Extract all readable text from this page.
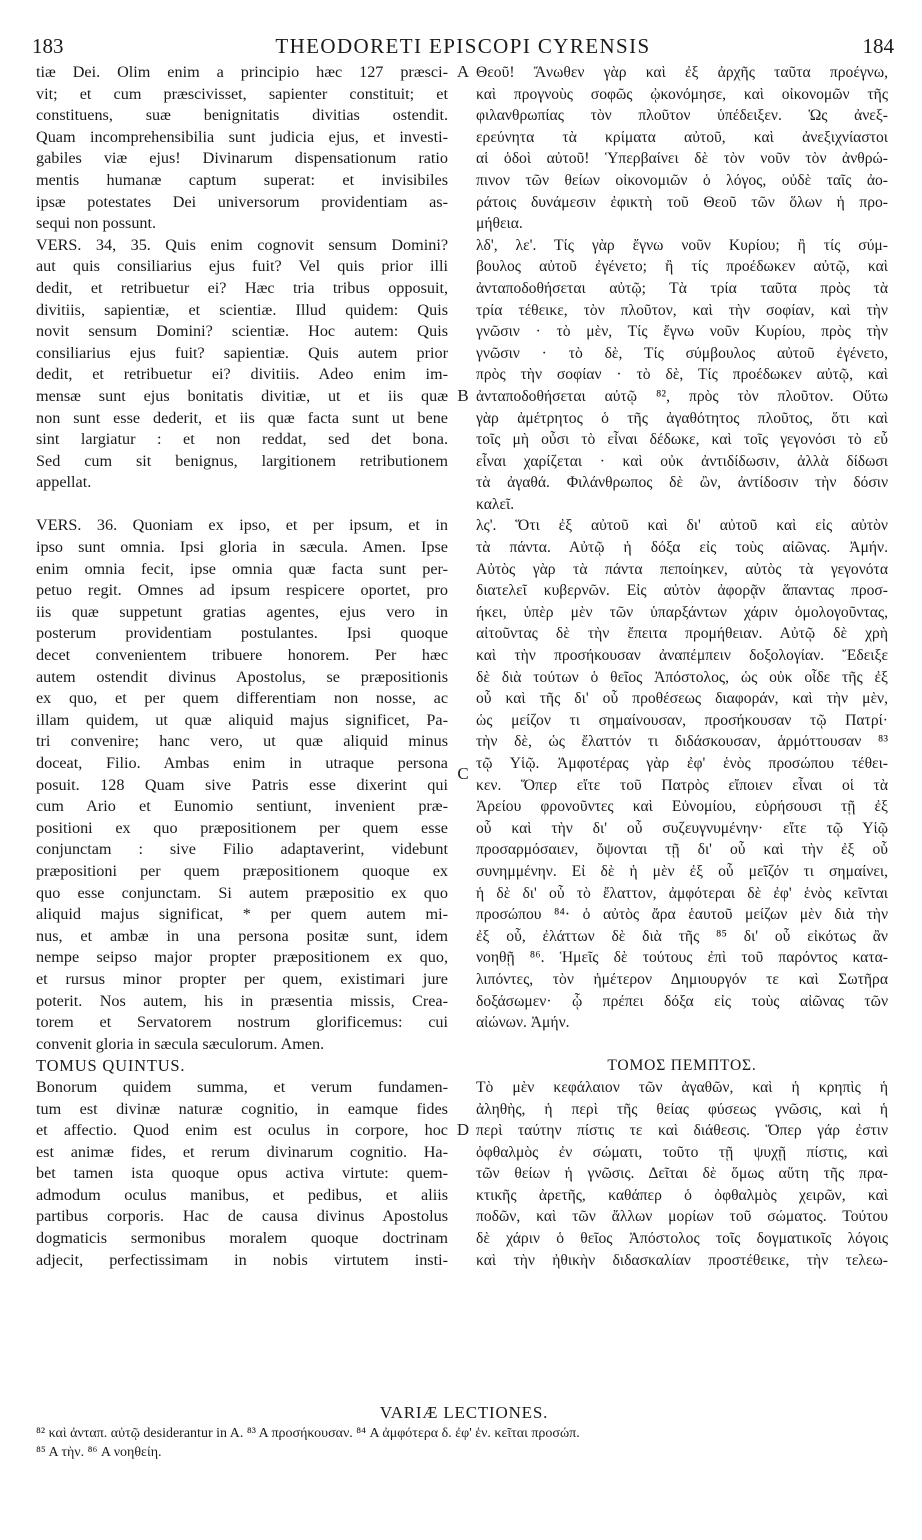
183	THEODORETI EPISCOPI CYRENSIS	184
tiæ Dei. Olim enim a principio hæc 127 præsci-
vit; et cum præscivisset, sapienter constituit; et
constituens, suæ benignitatis divitias ostendit.
Quam incomprehensibilia sunt judicia ejus, et investi-
gabiles viæ ejus! Divinarum dispensationum ratio
mentis humanæ captum superat: et invisibiles
ipsæ potestates Dei universorum providentiam as-
sequi non possunt.
VERS. 34, 35. Quis enim cognovit sensum Domini?
aut quis consiliarius ejus fuit? Vel quis prior illi
dedit, et retribuetur ei? Hæc tria tribus opposuit,
divitiis, sapientiæ, et scientiæ. Illud quidem: Quis
novit sensum Domini? scientiæ. Hoc autem: Quis
consiliarius ejus fuit? sapientiæ. Quis autem prior
dedit, et retribuetur ei? divitiis. Adeo enim im-
mensæ sunt ejus bonitatis divitiæ, ut et iis quæ
non sunt esse dederit, et iis quæ facta sunt ut bene
sint largiatur : et non reddat, sed det bona.
Sed cum sit benignus, largitionem retributionem
appellat.
VERS. 36. Quoniam ex ipso, et per ipsum, et in
ipso sunt omnia. Ipsi gloria in sæcula. Amen. Ipse
enim omnia fecit, ipse omnia quæ facta sunt per-
petuo regit. Omnes ad ipsum respicere oportet, pro
iis quæ suppetunt gratias agentes, ejus vero in
posterum providentiam postulantes. Ipsi quoque
decet convenientem tribuere honorem. Per hæc
autem ostendit divinus Apostolus, se præpositionis
ex quo, et per quem differentiam non nosse, ac
illam quidem, ut quæ aliquid majus significet, Pa-
tri convenire; hanc vero, ut quæ aliquid minus
doceat, Filio. Ambas enim in utraque persona
posuit. 128 Quam sive Patris esse dixerint qui
cum Ario et Eunomio sentiunt, invenient præ-
positioni ex quo præpositionem per quem esse
conjunctam : sive Filio adaptaverint, videbunt
præpositioni per quem præpositionem quoque ex
quo esse conjunctam. Si autem præpositio ex quo
aliquid majus significat, * per quem autem mi-
nus, et ambæ in una persona positæ sunt, idem
nempe seipso major propter præpositionem ex quo,
et rursus minor propter per quem, existimari jure
poterit. Nos autem, his in præsentia missis, Crea-
torem et Servatorem nostrum glorificemus: cui
convenit gloria in sæcula sæculorum. Amen.
TOMUS QUINTUS.
Bonorum quidem summa, et verum fundamen-
tum est divinæ naturæ cognitio, in eamque fides
et affectio. Quod enim est oculus in corpore, hoc
est animæ fides, et rerum divinarum cognitio. Ha-
bet tamen ista quoque opus activa virtute: quem-
admodum oculus manibus, et pedibus, et aliis
partibus corporis. Hac de causa divinus Apostolus
dogmaticis sermonibus moralem quoque doctrinam
adjecit, perfectissimam in nobis virtutem insti-
Θεοῦ! Ἄνωθεν γὰρ καὶ ἐξ ἀρχῆς ταῦτα προέγνω,
καὶ προγνοὺς σοφῶς ᾠκονόμησε, καὶ οἰκονομῶν τῆς
φιλανθρωπίας τὸν πλοῦτον ὑπέδειξεν. Ὡς ἀνεξ-
ερεύνητα τὰ κρίματα αὐτοῦ, καὶ ἀνεξιχνίαστοι
αἱ ὁδοὶ αὐτοῦ! Ὑπερβαίνει δὲ τὸν νοῦν τὸν ἀνθρώ-
πινον τῶν θείων οἰκονομιῶν ὁ λόγος, οὐδὲ ταῖς ἀο-
ράτοις δυνάμεσιν ἐφικτὴ τοῦ Θεοῦ τῶν ὅλων ἡ προ-
μήθεια.
λδ', λε'. Τίς γὰρ ἔγνω νοῦν Κυρίου; ἢ τίς σύμ-
βουλος αὐτοῦ ἐγένετο; ἢ τίς προέδωκεν αὐτῷ, καὶ
ἀνταποδοθήσεται αὐτῷ; Τὰ τρία ταῦτα πρὸς τὰ
τρία τέθεικε, τὸν πλοῦτον, καὶ τὴν σοφίαν, καὶ τὴν
γνῶσιν · τὸ μὲν, Τίς ἔγνω νοῦν Κυρίου, πρὸς τὴν
γνῶσιν · τὸ δὲ, Τίς σύμβουλος αὐτοῦ ἐγένετο,
πρὸς τὴν σοφίαν · τὸ δὲ, Τίς προέδωκεν αὐτῷ, καὶ
ἀνταποδοθήσεται αὐτῷ ⁸², πρὸς τὸν πλοῦτον. Οὕτω
γὰρ ἀμέτρητος ὁ τῆς ἀγαθότητος πλοῦτος, ὅτι καὶ
τοῖς μὴ οὖσι τὸ εἶναι δέδωκε, καὶ τοῖς γεγονόσι τὸ εὖ
εἶναι χαρίζεται · καὶ οὐκ ἀντιδίδωσιν, ἀλλὰ δίδωσι
τὰ ἀγαθά. Φιλάνθρωπος δὲ ὢν, ἀντίδοσιν τὴν δόσιν
καλεῖ.
λς'. Ὅτι ἐξ αὐτοῦ καὶ δι' αὐτοῦ καὶ εἰς αὐτὸν
τὰ πάντα. Αὐτῷ ἡ δόξα εἰς τοὺς αἰῶνας. Ἀμήν.
Αὐτὸς γὰρ τὰ πάντα πεποίηκεν, αὐτὸς τὰ γεγονότα
διατελεῖ κυβερνῶν. Εἰς αὐτὸν ἀφορᾷν ἅπαντας προσ-
ήκει, ὑπὲρ μὲν τῶν ὑπαρξάντων χάριν ὁμολογοῦντας,
αἰτοῦντας δὲ τὴν ἔπειτα προμήθειαν. Αὐτῷ δὲ χρὴ
καὶ τὴν προσήκουσαν ἀναπέμπειν δοξολογίαν. Ἔδειξε
δὲ διὰ τούτων ὁ θεῖος Ἀπόστολος, ὡς οὐκ οἶδε τῆς ἐξ
οὗ καὶ τῆς δι' οὗ προθέσεως διαφοράν, καὶ τὴν μὲν,
ὡς μείζον τι σημαίνουσαν, προσήκουσαν τῷ Πατρί·
τὴν δὲ, ὡς ἔλαττόν τι διδάσκουσαν, ἁρμόττουσαν ⁸³
τῷ Υἱῷ. Ἀμφοτέρας γὰρ ἐφ' ἑνὸς προσώπου τέθει-
κεν. Ὅπερ εἴτε τοῦ Πατρὸς εἴποιεν εἶναι οἱ τὰ
Ἀρείου φρονοῦντες καὶ Εὐνομίου, εὑρήσουσι τῇ ἐξ
οὗ καὶ τὴν δι' οὗ συζευγνυμένην· εἴτε τῷ Υἱῷ
προσαρμόσαιεν, ὄψονται τῇ δι' οὗ καὶ τὴν ἐξ οὗ
συνημμένην. Εἰ δὲ ἡ μὲν ἐξ οὗ μεῖζόν τι σημαίνει,
ἡ δὲ δι' οὗ τὸ ἔλαττον, ἀμφότεραι δὲ ἐφ' ἑνὸς κεῖνται
προσώπου ⁸⁴· ὁ αὐτὸς ἄρα ἑαυτοῦ μείζων μὲν διὰ τὴν
ἐξ οὗ, ἐλάττων δὲ διὰ τῆς ⁸⁵ δι' οὗ εἰκότως ἂν
νοηθῇ ⁸⁶. Ἡμεῖς δὲ τούτους ἐπὶ τοῦ παρόντος κατα-
λιπόντες, τὸν ἡμέτερον Δημιουργόν τε καὶ Σωτῆρα
δοξάσωμεν· ᾧ πρέπει δόξα εἰς τοὺς αἰῶνας τῶν
αἰώνων. Ἀμήν.
ΤΟΜΟΣ ΠΕΜΠΤΟΣ.
Τὸ μὲν κεφάλαιον τῶν ἀγαθῶν, καὶ ἡ κρηπὶς ἡ
ἀληθὴς, ἡ περὶ τῆς θείας φύσεως γνῶσις, καὶ ἡ
περὶ ταύτην πίστις τε καὶ διάθεσις. Ὅπερ γάρ ἐστιν
ὀφθαλμὸς ἐν σώματι, τοῦτο τῇ ψυχῇ πίστις, καὶ
τῶν θείων ἡ γνῶσις. Δεῖται δὲ ὅμως αὕτη τῆς πρα-
κτικῆς ἀρετῆς, καθάπερ ὁ ὀφθαλμὸς χειρῶν, καὶ
ποδῶν, καὶ τῶν ἄλλων μορίων τοῦ σώματος. Τούτου
δὲ χάριν ὁ θεῖος Ἀπόστολος τοῖς δογματικοῖς λόγοις
καὶ τὴν ἠθικὴν διδασκαλίαν προστέθεικε, τὴν τελεω-
A
B
C
D
VARIÆ LECTIONES.
⁸² καὶ ἀνταπ. αὐτῷ desiderantur in A. ⁸³ A προσήκουσαν. ⁸⁴ A ἀμφότερα δ. ἐφ' ἑν. κεῖται προσώπ.
⁸⁵ A τὴν. ⁸⁶ A νοηθείη.
